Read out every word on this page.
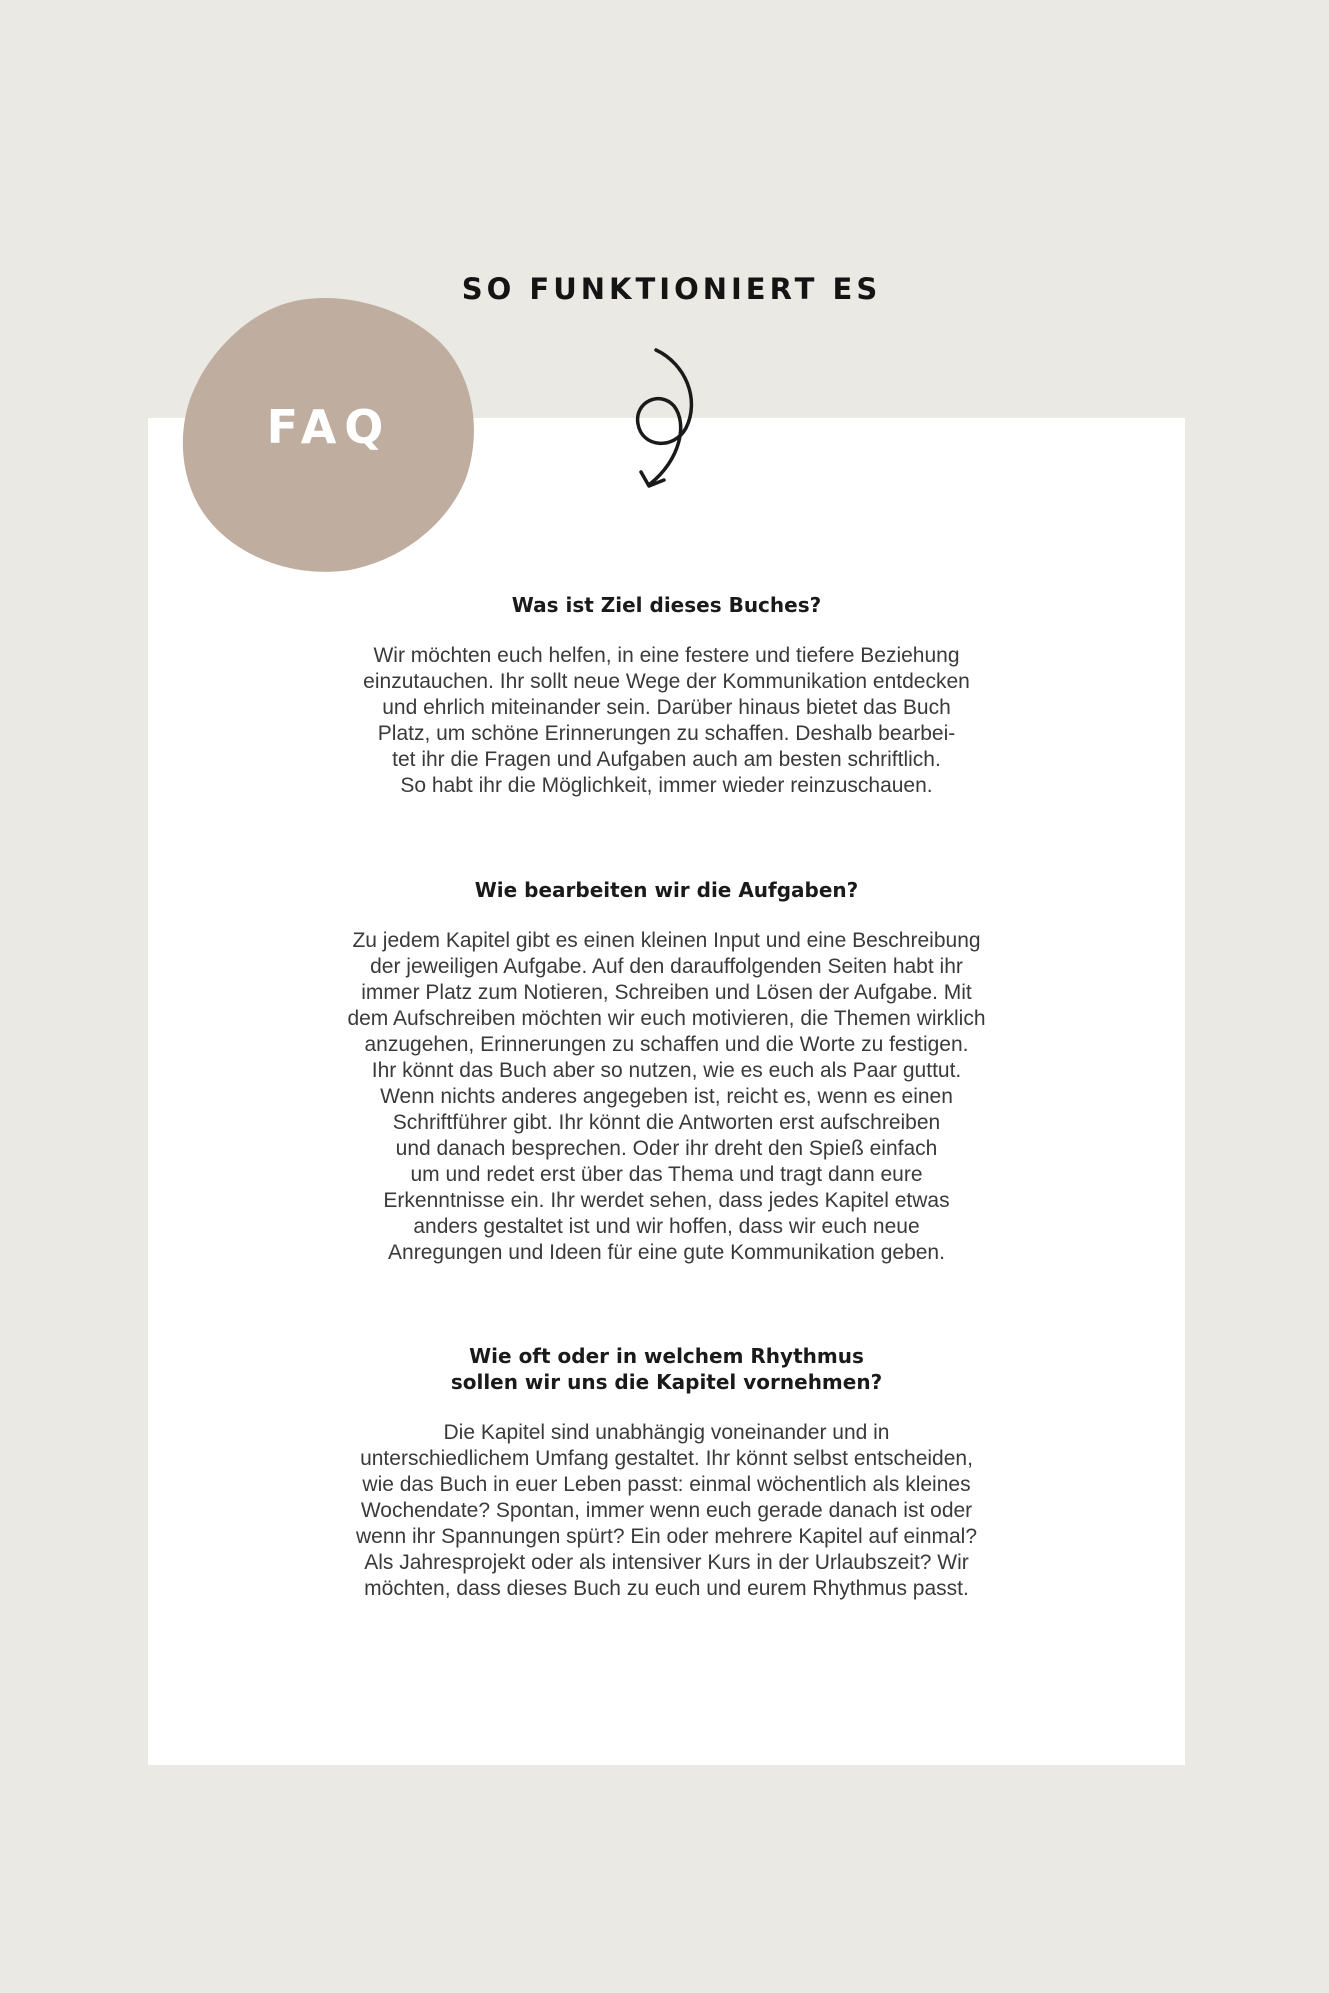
SO FUNKTIONIERT ES
FAQ
Was ist Ziel dieses Buches?

Wir möchten euch helfen, in eine festere und tiefere Beziehung
einzutauchen. Ihr sollt neue Wege der Kommunikation entdecken
und ehrlich miteinander sein. Darüber hinaus bietet das Buch
Platz, um schöne Erinnerungen zu schaffen. Deshalb bearbei-
tet ihr die Fragen und Aufgaben auch am besten schriftlich.
So habt ihr die Möglichkeit, immer wieder reinzuschauen.

Wie bearbeiten wir die Aufgaben?

Zu jedem Kapitel gibt es einen kleinen Input und eine Beschreibung
der jeweiligen Aufgabe. Auf den darauffolgenden Seiten habt ihr
immer Platz zum Notieren, Schreiben und Lösen der Aufgabe. Mit
dem Aufschreiben möchten wir euch motivieren, die Themen wirklich
anzugehen, Erinnerungen zu schaffen und die Worte zu festigen.
Ihr könnt das Buch aber so nutzen, wie es euch als Paar guttut.
Wenn nichts anderes angegeben ist, reicht es, wenn es einen
Schriftführer gibt. Ihr könnt die Antworten erst aufschreiben
und danach besprechen. Oder ihr dreht den Spieß einfach
um und redet erst über das Thema und tragt dann eure
Erkenntnisse ein. Ihr werdet sehen, dass jedes Kapitel etwas
anders gestaltet ist und wir hoffen, dass wir euch neue
Anregungen und Ideen für eine gute Kommunikation geben.

Wie oft oder in welchem Rhythmus
sollen wir uns die Kapitel vornehmen?

Die Kapitel sind unabhängig voneinander und in
unterschiedlichem Umfang gestaltet. Ihr könnt selbst entscheiden,
wie das Buch in euer Leben passt: einmal wöchentlich als kleines
Wochendate? Spontan, immer wenn euch gerade danach ist oder
wenn ihr Spannungen spürt? Ein oder mehrere Kapitel auf einmal?
Als Jahresprojekt oder als intensiver Kurs in der Urlaubszeit? Wir
möchten, dass dieses Buch zu euch und eurem Rhythmus passt.
